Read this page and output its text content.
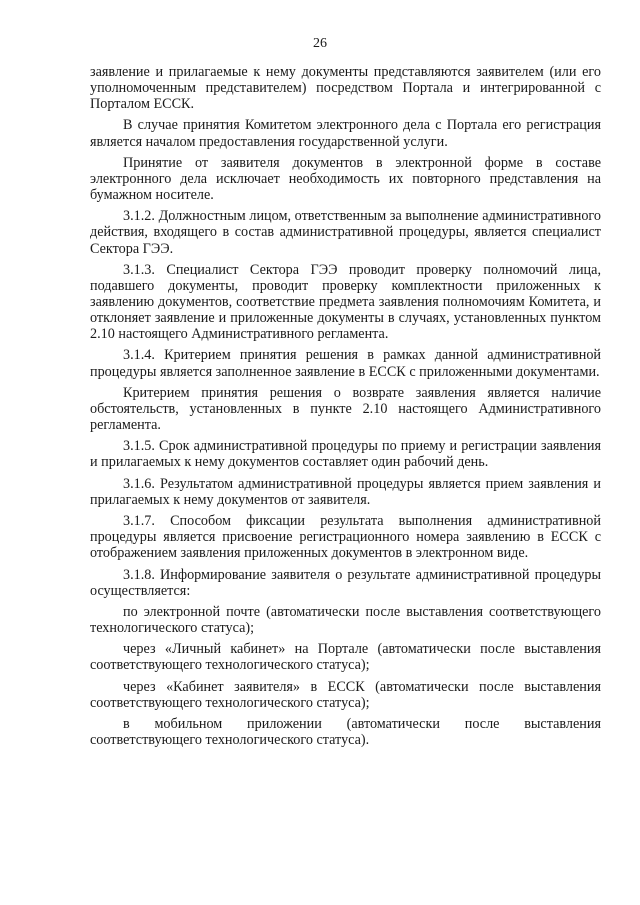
26

заявление и прилагаемые к нему документы представляются заявителем (или его уполномоченным представителем) посредством Портала и интегрированной с Порталом ЕССК.

В случае принятия Комитетом электронного дела с Портала его регистрация является началом предоставления государственной услуги.

Принятие от заявителя документов в электронной форме в составе электронного дела исключает необходимость их повторного представления на бумажном носителе.

3.1.2. Должностным лицом, ответственным за выполнение административного действия, входящего в состав административной процедуры, является специалист Сектора ГЭЭ.

3.1.3. Специалист Сектора ГЭЭ проводит проверку полномочий лица, подавшего документы, проводит проверку комплектности приложенных к заявлению документов, соответствие предмета заявления полномочиям Комитета, и отклоняет заявление и приложенные документы в случаях, установленных пунктом 2.10 настоящего Административного регламента.

3.1.4. Критерием принятия решения в рамках данной административной процедуры является заполненное заявление в ЕССК с приложенными документами.

Критерием принятия решения о возврате заявления является наличие обстоятельств, установленных в пункте 2.10 настоящего Административного регламента.

3.1.5. Срок административной процедуры по приему и регистрации заявления и прилагаемых к нему документов составляет один рабочий день.

3.1.6. Результатом административной процедуры является прием заявления и прилагаемых к нему документов от заявителя.

3.1.7. Способом фиксации результата выполнения административной процедуры является присвоение регистрационного номера заявлению в ЕССК с отображением заявления приложенных документов в электронном виде.

3.1.8. Информирование заявителя о результате административной процедуры осуществляется:

по электронной почте (автоматически после выставления соответствующего технологического статуса);

через «Личный кабинет» на Портале (автоматически после выставления соответствующего технологического статуса);

через «Кабинет заявителя» в ЕССК (автоматически после выставления соответствующего технологического статуса);

в мобильном приложении (автоматически после выставления соответствующего технологического статуса).
